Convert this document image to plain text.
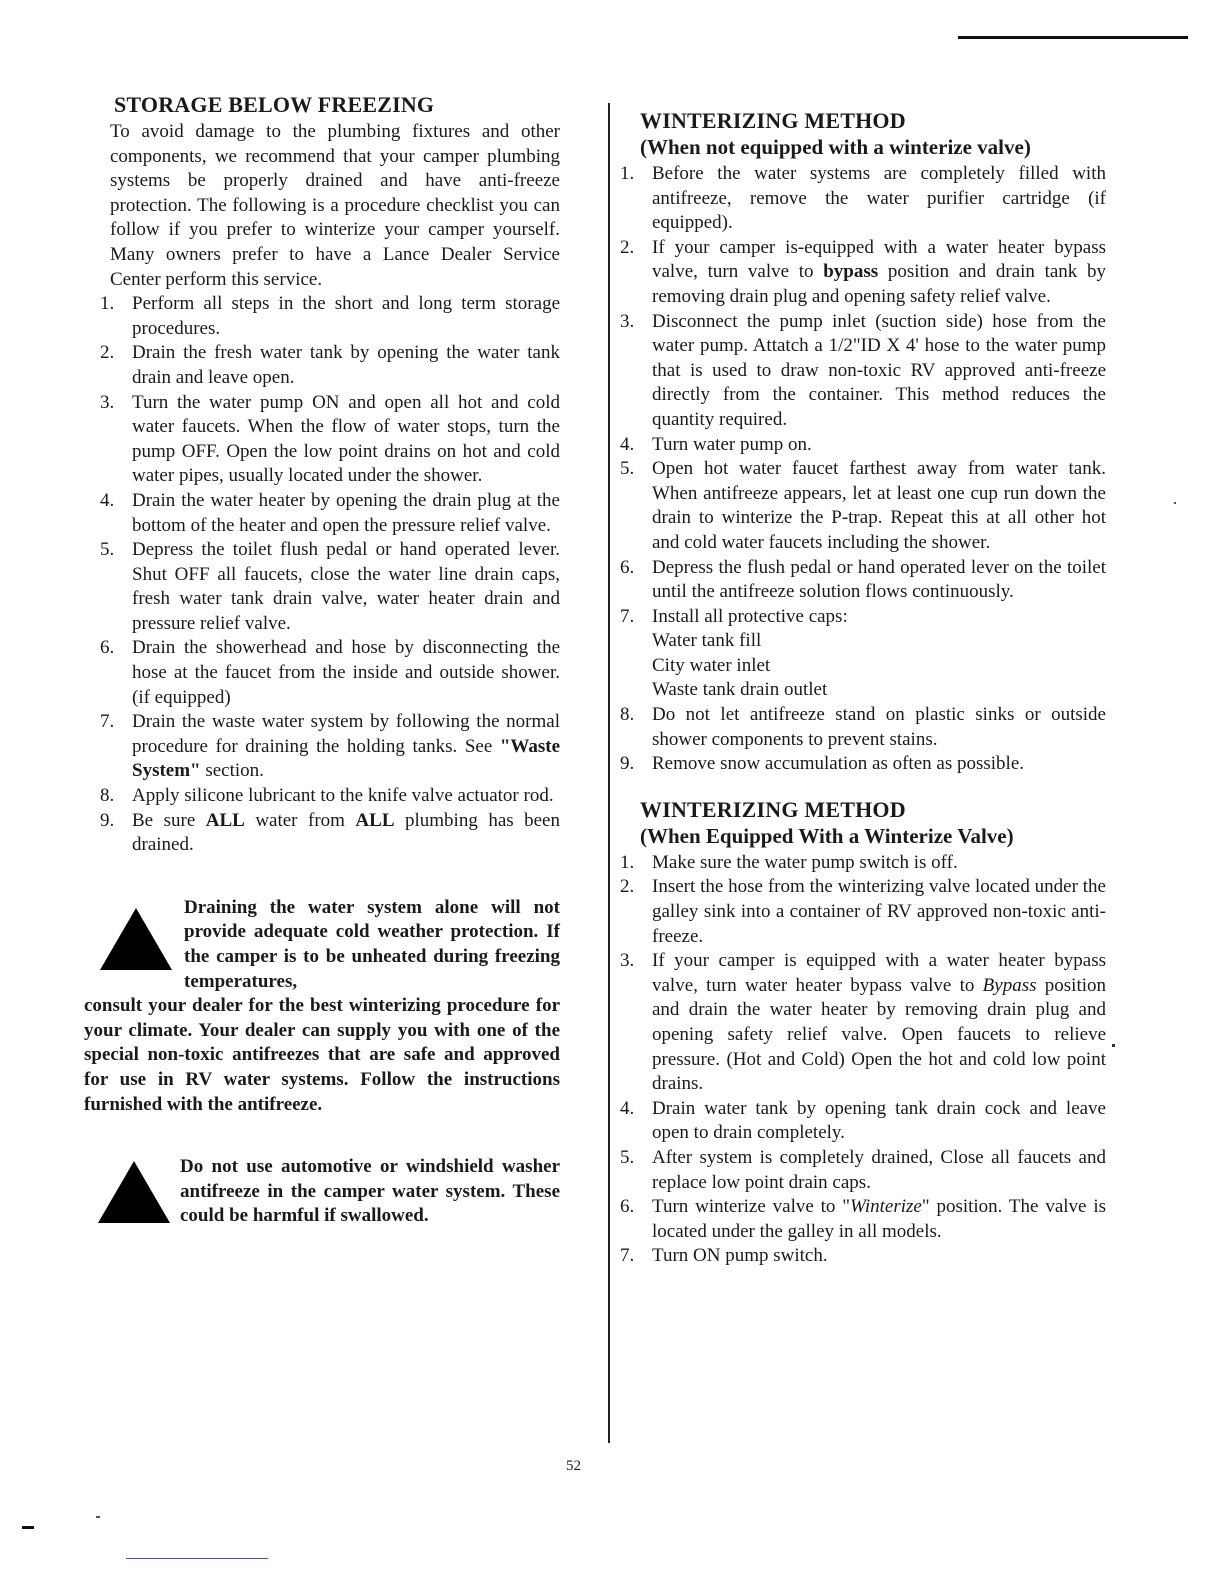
STORAGE BELOW FREEZING

To avoid damage to the plumbing fixtures and other components, we recommend that your camper plumbing systems be properly drained and have anti-freeze protection. The following is a procedure checklist you can follow if you prefer to winterize your camper yourself. Many owners prefer to have a Lance Dealer Service Center perform this service.

1. Perform all steps in the short and long term storage procedures.
2. Drain the fresh water tank by opening the water tank drain and leave open.
3. Turn the water pump ON and open all hot and cold water faucets. When the flow of water stops, turn the pump OFF. Open the low point drains on hot and cold water pipes, usually located under the shower.
4. Drain the water heater by opening the drain plug at the bottom of the heater and open the pressure relief valve.
5. Depress the toilet flush pedal or hand operated lever. Shut OFF all faucets, close the water line drain caps, fresh water tank drain valve, water heater drain and pressure relief valve.
6. Drain the showerhead and hose by disconnecting the hose at the faucet from the inside and outside shower. (if equipped)
7. Drain the waste water system by following the normal procedure for draining the holding tanks. See "Waste System" section.
8. Apply silicone lubricant to the knife valve actuator rod.
9. Be sure ALL water from ALL plumbing has been drained.
Draining the water system alone will not provide adequate cold weather protection. If the camper is to be unheated during freezing temperatures,
consult your dealer for the best winterizing procedure for your climate. Your dealer can supply you with one of the special non-toxic antifreezes that are safe and approved for use in RV water systems. Follow the instructions furnished with the antifreeze.
Do not use automotive or windshield washer antifreeze in the camper water system. These could be harmful if swallowed.
WINTERIZING METHOD
(When not equipped with a winterize valve)
1. Before the water systems are completely filled with antifreeze, remove the water purifier cartridge (if equipped).
2. If your camper is-equipped with a water heater bypass valve, turn valve to bypass position and drain tank by removing drain plug and opening safety relief valve.
3. Disconnect the pump inlet (suction side) hose from the water pump. Attatch a 1/2"ID X 4' hose to the water pump that is used to draw non-toxic RV approved anti-freeze directly from the container. This method reduces the quantity required.
4. Turn water pump on.
5. Open hot water faucet farthest away from water tank. When antifreeze appears, let at least one cup run down the drain to winterize the P-trap. Repeat this at all other hot and cold water faucets including the shower.
6. Depress the flush pedal or hand operated lever on the toilet until the antifreeze solution flows continuously.
7. Install all protective caps:
Water tank fill
City water inlet
Waste tank drain outlet
8. Do not let antifreeze stand on plastic sinks or outside shower components to prevent stains.
9. Remove snow accumulation as often as possible.
WINTERIZING METHOD
(When Equipped With a Winterize Valve)
1. Make sure the water pump switch is off.
2. Insert the hose from the winterizing valve located under the galley sink into a container of RV approved non-toxic anti-freeze.
3. If your camper is equipped with a water heater bypass valve, turn water heater bypass valve to Bypass position and drain the water heater by removing drain plug and opening safety relief valve. Open faucets to relieve pressure. (Hot and Cold) Open the hot and cold low point drains.
4. Drain water tank by opening tank drain cock and leave open to drain completely.
5. After system is completely drained, Close all faucets and replace low point drain caps.
6. Turn winterize valve to "Winterize" position. The valve is located under the galley in all models.
7. Turn ON pump switch.
52
